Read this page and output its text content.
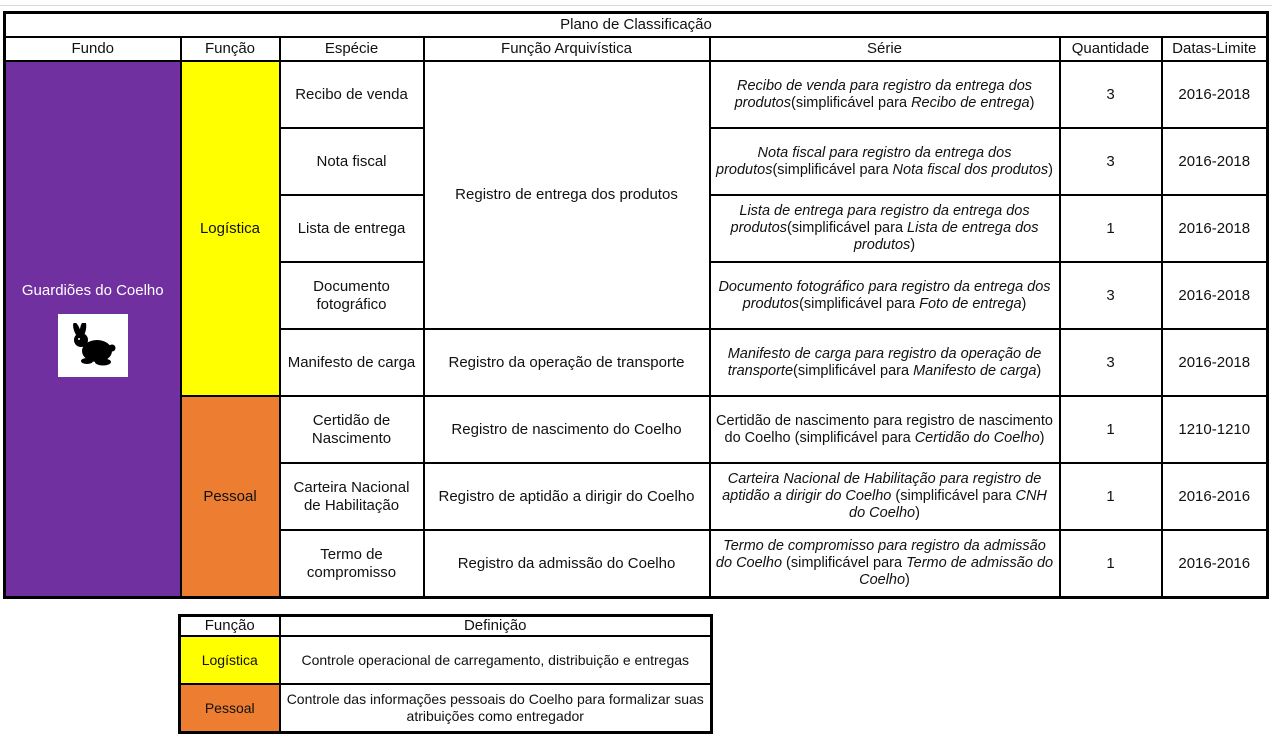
Plano de Classificação						
Fundo	Função	Espécie	Função Arquivística	Série	Quantidade	Datas-Limite

Guardiões do Coelho	Logística	Recibo de venda	Registro de entrega dos produtos	Recibo de venda para registro da entrega dos produtos(simplificável para Recibo de entrega)	3	2016-2018
		Nota fiscal		Nota fiscal para registro da entrega dos produtos(simplificável para Nota fiscal dos produtos)	3	2016-2018
		Lista de entrega		Lista de entrega para registro da entrega dos produtos(simplificável para Lista de entrega dos produtos)	1	2016-2018
		Documento fotográfico		Documento fotográfico para registro da entrega dos produtos(simplificável para Foto de entrega)	3	2016-2018
		Manifesto de carga	Registro da operação de transporte	Manifesto de carga para registro da operação de transporte(simplificável para Manifesto de carga)	3	2016-2018
	Pessoal	Certidão de Nascimento	Registro de nascimento do Coelho	Certidão de nascimento para registro de nascimento do Coelho (simplificável para Certidão do Coelho)	1	1210-1210
		Carteira Nacional de Habilitação	Registro de aptidão a dirigir do Coelho	Carteira Nacional de Habilitação para registro de aptidão a dirigir do Coelho (simplificável para CNH do Coelho)	1	2016-2016
		Termo de compromisso	Registro da admissão do Coelho	Termo de compromisso para registro da admissão do Coelho (simplificável para Termo de admissão do Coelho)	1	2016-2016
Função	Definição
Logística	Controle operacional de carregamento, distribuição e entregas
Pessoal	Controle das informações pessoais do Coelho para formalizar suas atribuições como entregador
